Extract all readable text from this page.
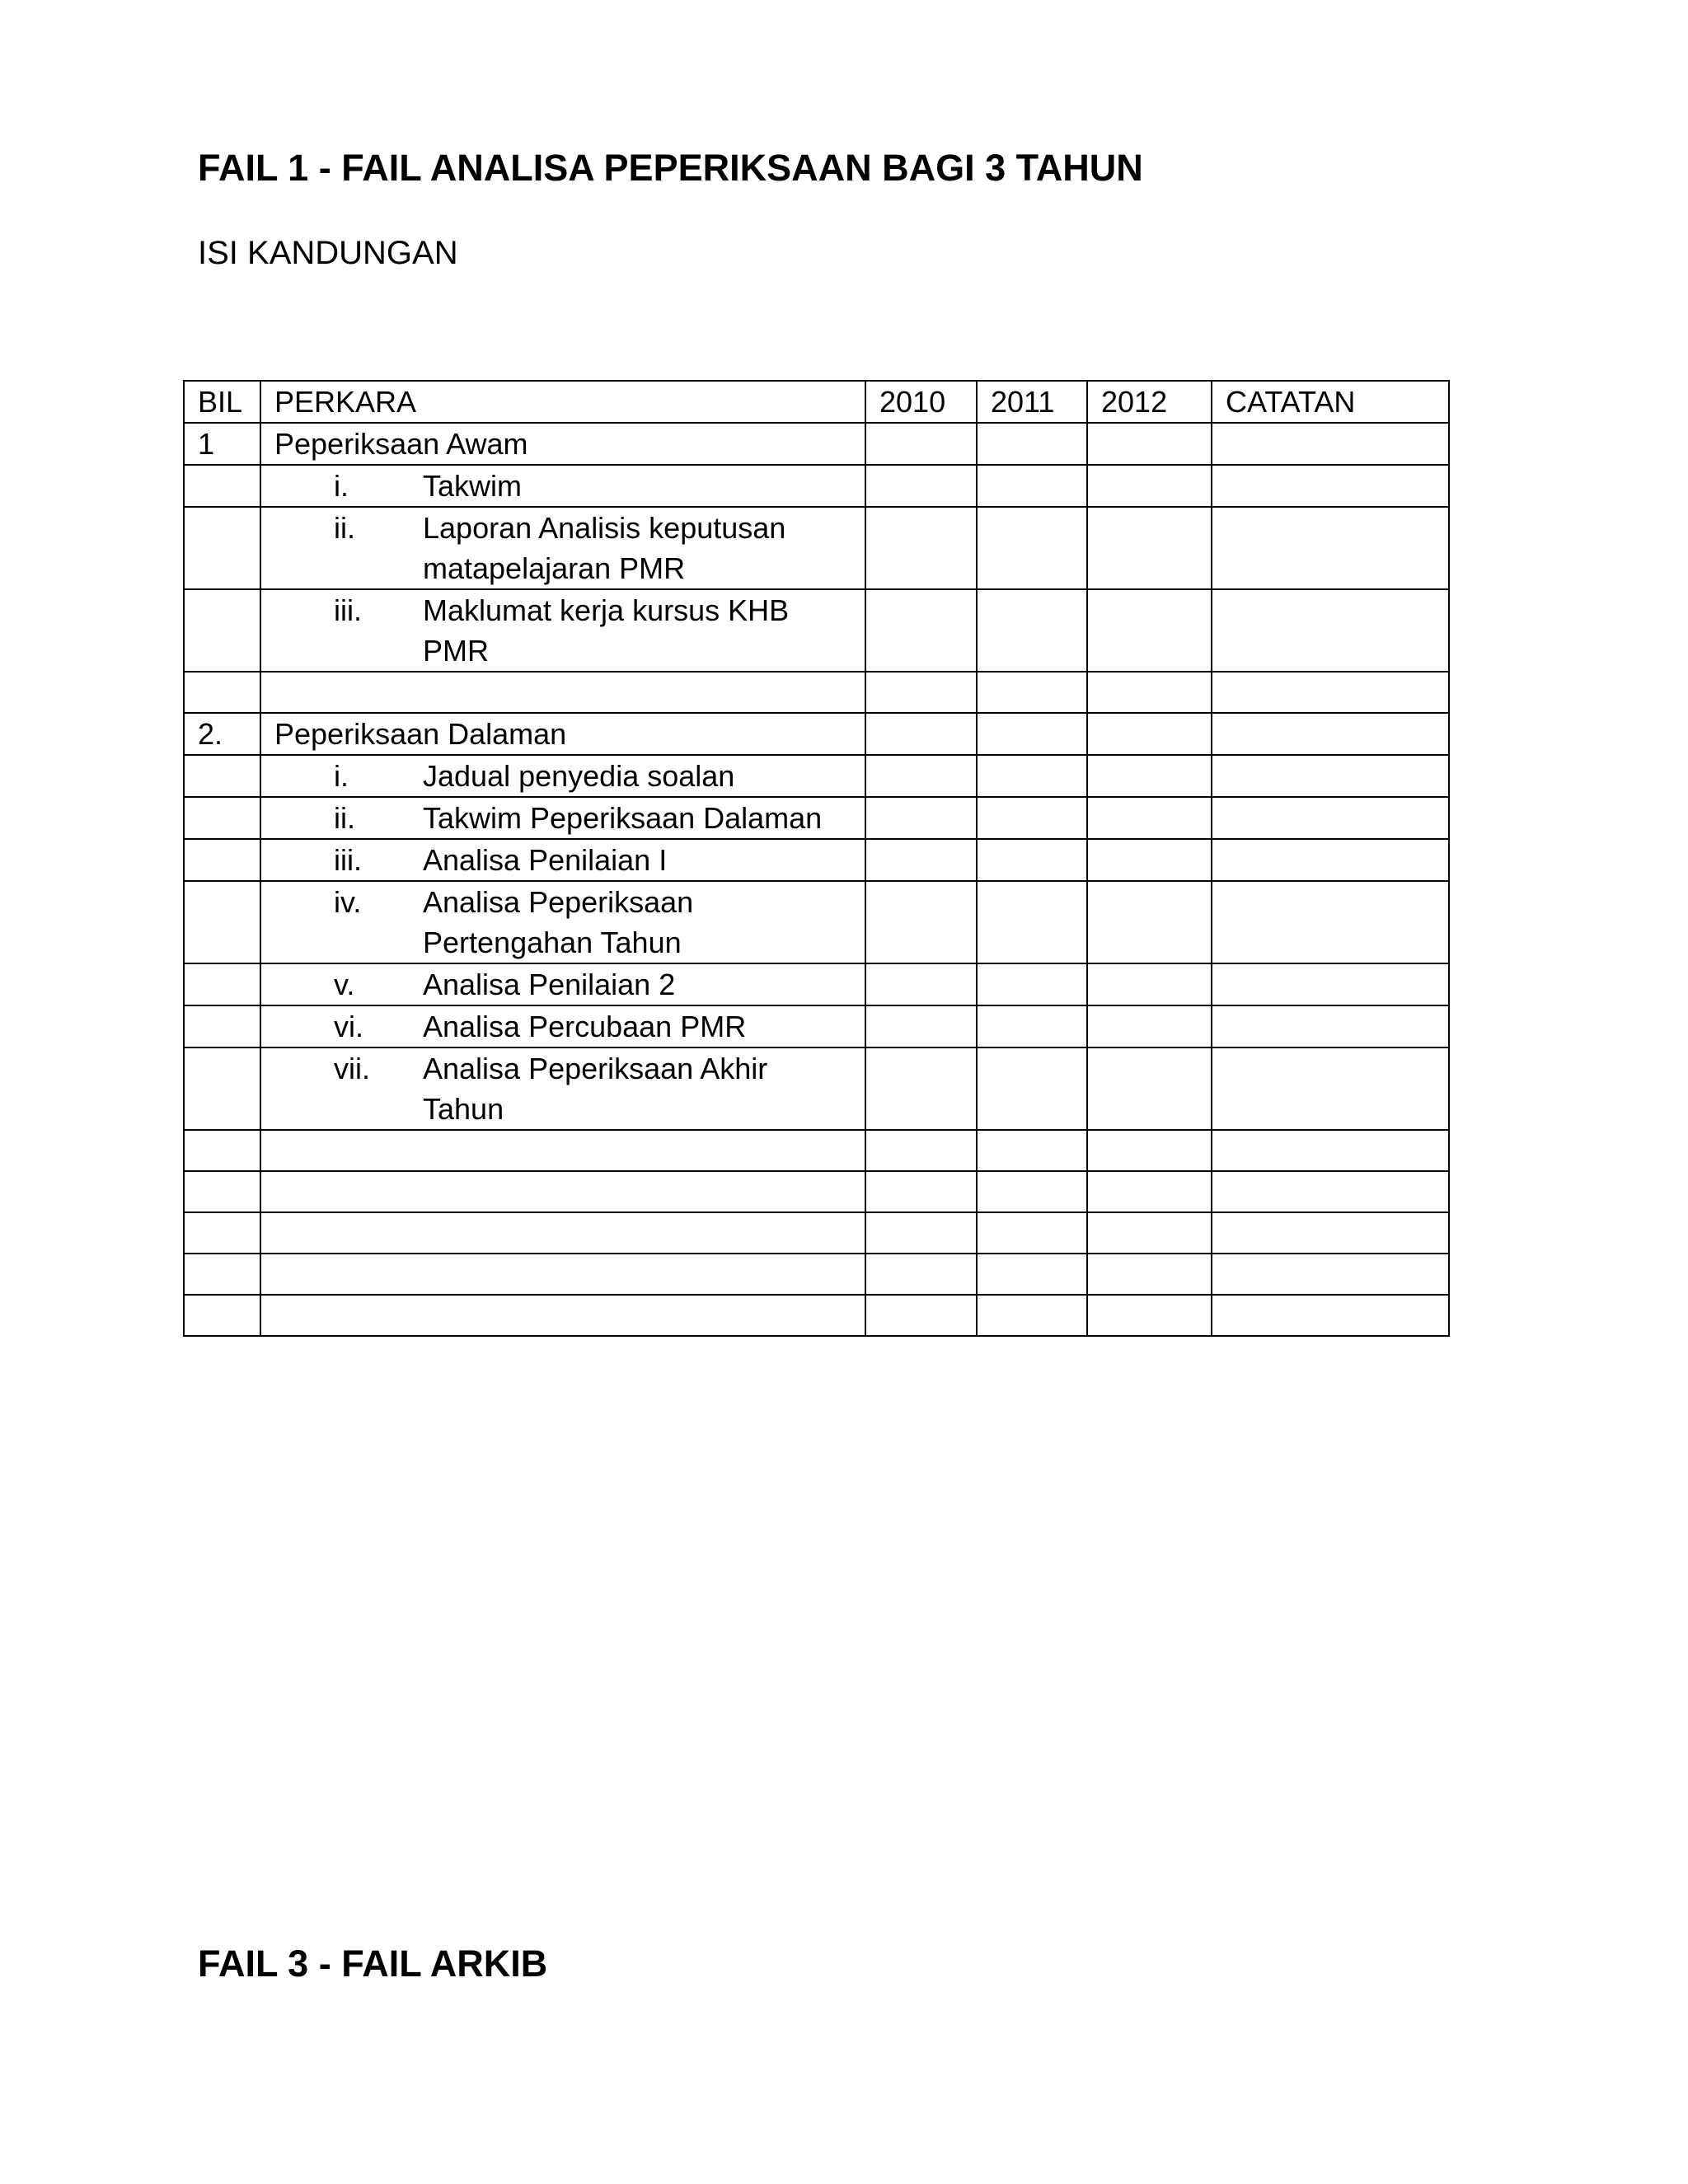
FAIL 1 - FAIL ANALISA PEPERIKSAAN BAGI 3 TAHUN

ISI KANDUNGAN

BIL	PERKARA	2010	2011	2012	CATATAN
1	Peperiksaan Awam				

	i. Takwim				

	ii. Laporan Analisis keputusan matapelajaran PMR				

	iii. Maklumat kerja kursus KHB PMR				

2.	Peperiksaan Dalaman				

	i. Jadual penyedia soalan				

	ii. Takwim Peperiksaan Dalaman				

	iii. Analisa Penilaian I				

	iv. Analisa Peperiksaan Pertengahan Tahun				

	v. Analisa Penilaian 2				

	vi. Analisa Percubaan PMR				

	vii. Analisa Peperiksaan Akhir Tahun				

FAIL 3 - FAIL ARKIB
